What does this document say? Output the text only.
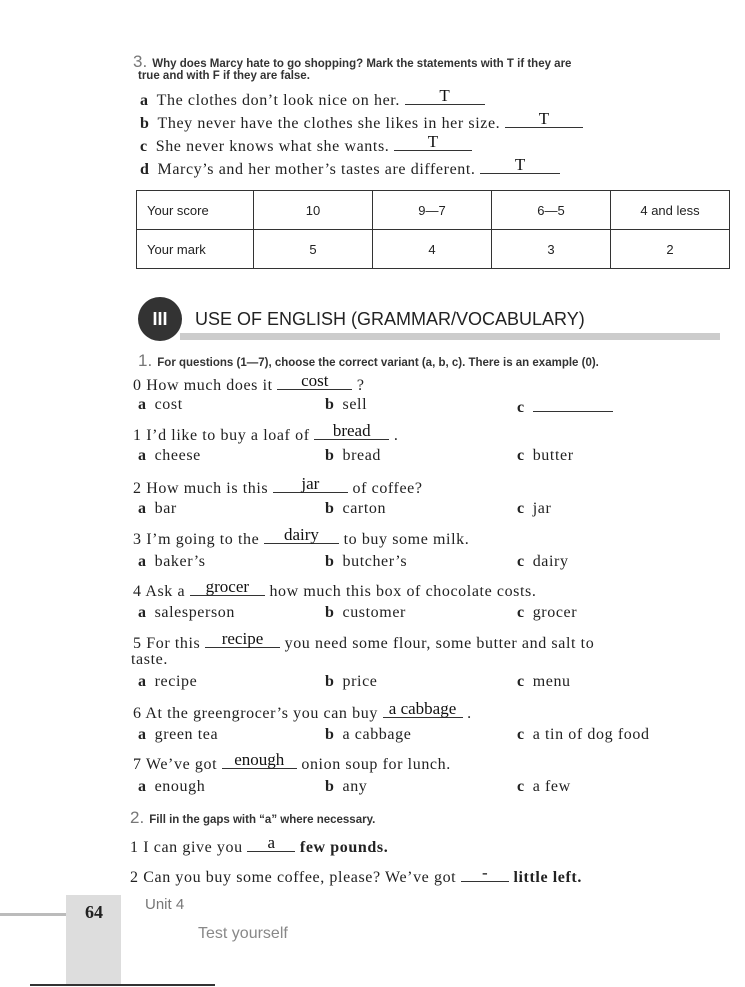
3. Why does Marcy hate to go shopping? Mark the statements with T if they are
true and with F if they are false.
a The clothes don’t look nice on her.	T
b They never have the clothes she likes in her size.	T
c She never knows what she wants.	T
d Marcy’s and her mother’s tastes are different.	T
Your score	10	9—7	6—5	4 and less
Your mark	5	4	3	2
III	USE OF ENGLISH (GRAMMAR/VOCABULARY)
1. For questions (1—7), choose the correct variant (a, b, c). There is an example (0).
0 How much does it	cost	?
a cost	b sell	c
1 I’d like to buy a loaf of	bread	.
a cheese	b bread	c butter
2 How much is this	jar	of coffee?
a bar	b carton	c jar
3 I’m going to the	dairy	to buy some milk.
a baker’s	b butcher’s	c dairy
4 Ask a	grocer	how much this box of chocolate costs.
a salesperson	b customer	c grocer
5 For this	recipe	you need some flour, some butter and salt to
taste.
a recipe	b price	c menu
6 At the greengrocer’s you can buy a cabbage .
a green tea	b a cabbage	c a tin of dog food
7 We’ve got	enough	onion soup for lunch.
a enough	b any	c a few
2. Fill in the gaps with “a” where necessary.
1 I can give you	a	few pounds.
2 Can you buy some coffee, please? We’ve got	-	little left.
64	Unit 4
Test yourself
